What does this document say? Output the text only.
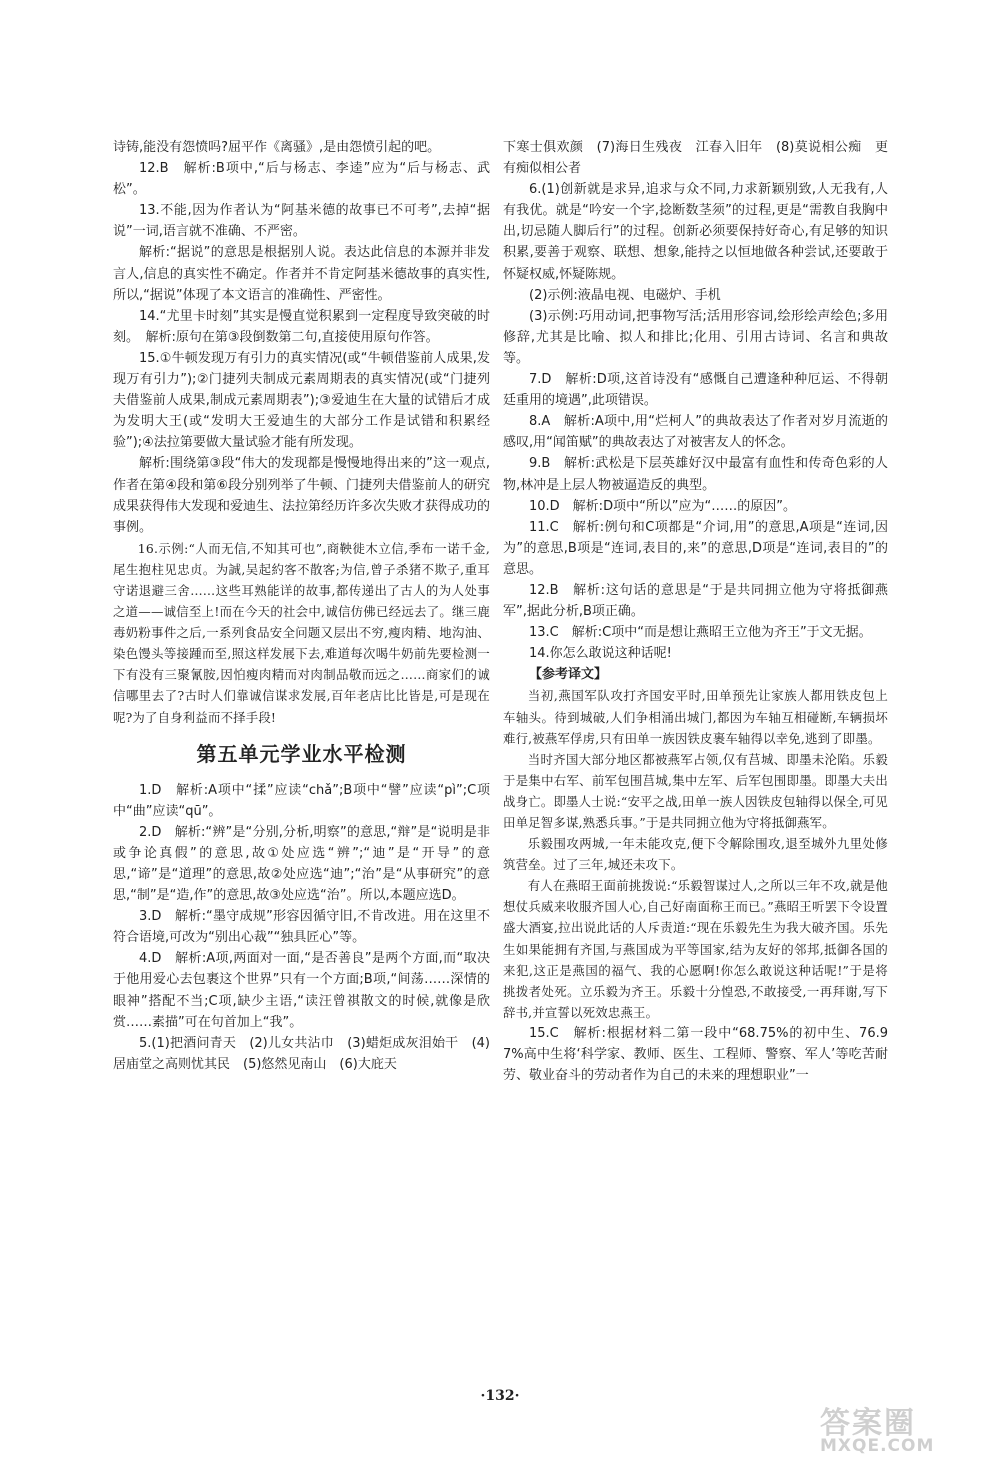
诗铸,能没有怨愤吗?屈平作《离骚》,是由怨愤引起的吧。

12.B　解析:B项中,“后与杨志、李逵”应为“后与杨志、武松”。

13.不能,因为作者认为“阿基米德的故事已不可考”,去掉“据说”一词,语言就不准确、不严密。

解析:“据说”的意思是根据别人说。表达此信息的本源并非发言人,信息的真实性不确定。作者并不肯定阿基米德故事的真实性,所以,“据说”体现了本文语言的准确性、严密性。

14.“尤里卡时刻”其实是慢直觉积累到一定程度导致突破的时刻。　解析:原句在第③段倒数第二句,直接使用原句作答。

15.①牛顿发现万有引力的真实情况(或“牛顿借鉴前人成果,发现万有引力”);②门捷列夫制成元素周期表的真实情况(或“门捷列夫借鉴前人成果,制成元素周期表”);③爱迪生在大量的试错后才成为发明大王(或“发明大王爱迪生的大部分工作是试错和积累经验”);④法拉第要做大量试验才能有所发现。

解析:围绕第③段“伟大的发现都是慢慢地得出来的”这一观点,作者在第④段和第⑥段分别列举了牛顿、门捷列夫借鉴前人的研究成果获得伟大发现和爱迪生、法拉第经历许多次失败才获得成功的事例。

16.示例:“人而无信,不知其可也”,商鞅徙木立信,季布一诺千金,尾生抱柱见忠贞。为誠,吴起約客不散客;为信,曾子杀猪不欺子,重耳守诺退避三舍……这些耳熟能详的故事,都传递出了古人的为人处事之道——诚信至上!而在今天的社会中,诚信仿佛已经远去了。继三鹿毒奶粉事件之后,一系列食品安全问题又层出不穷,瘦肉精、地沟油、染色馒头等接踵而至,照这样发展下去,难道每次喝牛奶前先要检测一下有没有三聚氰胺,因怕瘦肉精而对肉制品敬而远之……商家们的诚信哪里去了?古时人们靠诚信谋求发展,百年老店比比皆是,可是现在呢?为了自身利益而不择手段!

第五单元学业水平检测

1.D　解析:A项中“揉”应读“chǎ”;B项中“譬”应读“pì”;C项中“曲”应读“qū”。

2.D　解析:“辨”是“分别,分析,明察”的意思,“辩”是“说明是非或争论真假”的意思,故①处应选“辨”;“迪”是“开导”的意思,“谛”是“道理”的意思,故②处应选“迪”;“治”是“从事研究”的意思,“制”是“造,作”的意思,故③处应选“治”。所以,本题应选D。

3.D　解析:“墨守成规”形容因循守旧,不肯改进。用在这里不符合语境,可改为“别出心裁”“独具匠心”等。

4.D　解析:A项,两面对一面,“是否善良”是两个方面,而“取决于他用爱心去包裹这个世界”只有一个方面;B项,“间荡……深情的眼神”搭配不当;C项,缺少主语,“读汪曾祺散文的时候,就像是欣赏……素描”可在句首加上“我”。

5.(1)把酒问青天　(2)儿女共沾巾　(3)蜡炬成灰泪始干　(4)居庙堂之高则忧其民　(5)悠然见南山　(6)大庇天

下寒士俱欢颜　(7)海日生残夜　江春入旧年　(8)莫说相公痴　更有痴似相公者

6.(1)创新就是求异,追求与众不同,力求新颖别致,人无我有,人有我优。就是“吟安一个字,捻断数茎须”的过程,更是“需教自我胸中出,切忌随人脚后行”的过程。创新必须要保持好奇心,有足够的知识积累,要善于观察、联想、想象,能持之以恒地做各种尝试,还要敢于怀疑权威,怀疑陈规。

(2)示例:液晶电视、电磁炉、手机

(3)示例:巧用动词,把事物写活;活用形容词,绘形绘声绘色;多用修辞,尤其是比喻、拟人和排比;化用、引用古诗词、名言和典故等。

7.D　解析:D项,这首诗没有“感慨自己遭逢种种厄运、不得朝廷重用的境遇”,此项错误。

8.A　解析:A项中,用“烂柯人”的典故表达了作者对岁月流逝的感叹,用“闻笛赋”的典故表达了对被害友人的怀念。

9.B　解析:武松是下层英雄好汉中最富有血性和传奇色彩的人物,林冲是上层人物被逼造反的典型。

10.D　解析:D项中“所以”应为“……的原因”。

11.C　解析:例句和C项都是“介词,用”的意思,A项是“连词,因为”的意思,B项是“连词,表目的,来”的意思,D项是“连词,表目的”的意思。

12.B　解析:这句话的意思是“于是共同拥立他为守将抵御燕军”,据此分析,B项正确。

13.C　解析:C项中“而是想让燕昭王立他为齐王”于文无据。

14.你怎么敢说这种话呢!

【参考译文】

当初,燕国军队攻打齐国安平时,田单预先让家族人都用铁皮包上车轴头。待到城破,人们争相涌出城门,都因为车轴互相碰断,车辆损坏难行,被燕军俘虏,只有田单一族因铁皮裹车轴得以幸免,逃到了即墨。

当时齐国大部分地区都被燕军占领,仅有莒城、即墨未沦陷。乐毅于是集中右军、前军包围莒城,集中左军、后军包围即墨。即墨大夫出战身亡。即墨人士说:“安平之战,田单一族人因铁皮包轴得以保全,可见田单足智多谋,熟悉兵事。”于是共同拥立他为守将抵御燕军。

乐毅围攻两城,一年未能攻克,便下令解除围攻,退至城外九里处修筑营垒。过了三年,城还未攻下。

有人在燕昭王面前挑拨说:“乐毅智谋过人,之所以三年不攻,就是他想仗兵威来收服齐国人心,自己好南面称王而已。”燕昭王听罢下令设置盛大酒宴,拉出说此话的人斥责道:“现在乐毅先生为我大破齐国。乐先生如果能拥有齐国,与燕国成为平等国家,结为友好的邻邦,抵御各国的来犯,这正是燕国的福气、我的心愿啊!你怎么敢说这种话呢!”于是将挑拨者处死。立乐毅为齐王。乐毅十分惶恐,不敢接受,一再拜谢,写下辞书,并宣誓以死效忠燕王。

15.C　解析:根据材料二第一段中“68.75%的初中生、76.97%高中生将‘科学家、教师、医生、工程师、警察、军人’等吃苦耐劳、敬业奋斗的劳动者作为自己的未来的理想职业”一

·132·
答案圈
MXQE.COM
